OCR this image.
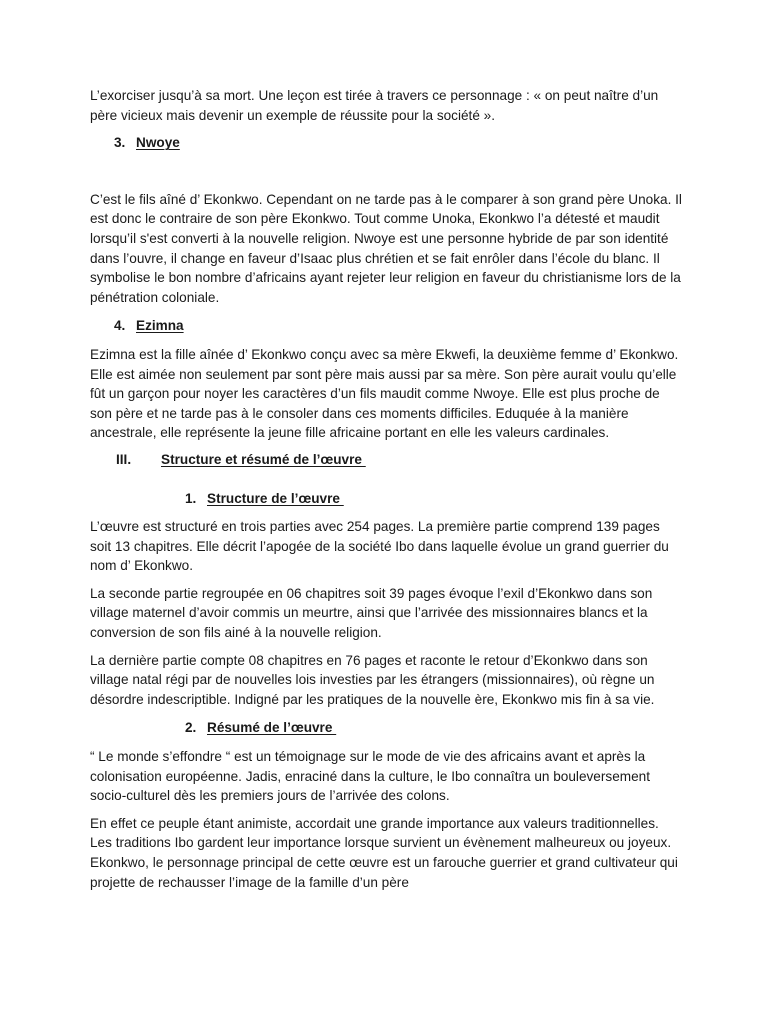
L’exorciser jusqu’à sa mort. Une leçon est tirée à travers ce personnage : « on peut naître d’un père vicieux mais devenir un exemple de réussite pour la société ».

3. Nwoye

C’est le fils aîné d’ Ekonkwo. Cependant on ne tarde pas à le comparer à son grand père Unoka. Il est donc le contraire de son père Ekonkwo. Tout comme Unoka, Ekonkwo l’a détesté et maudit lorsqu’il s'est converti à la nouvelle religion. Nwoye est une personne hybride de par son identité dans l’ouvre, il change en faveur d’Isaac plus chrétien et se fait enrôler dans l’école du blanc. Il symbolise le bon nombre d’africains ayant rejeter leur religion en faveur du christianisme lors de la pénétration coloniale.

4. Ezimna

Ezimna est la fille aînée d’ Ekonkwo conçu avec sa mère Ekwefi, la deuxième femme d’ Ekonkwo. Elle est aimée non seulement par sont père mais aussi par sa mère. Son père aurait voulu qu’elle fût un garçon pour noyer les caractères d’un fils maudit comme Nwoye. Elle est plus proche de son père et ne tarde pas à le consoler dans ces moments difficiles. Eduquée à la manière ancestrale, elle représente la jeune fille africaine portant en elle les valeurs cardinales.

III.	Structure et résumé de l’œuvre
1. Structure de l’œuvre

L’œuvre est structuré en trois parties avec 254 pages. La première partie comprend 139 pages soit 13 chapitres. Elle décrit l’apogée de la société Ibo dans laquelle évolue un grand guerrier du nom d’ Ekonkwo.

La seconde partie regroupée en 06 chapitres soit 39 pages évoque l’exil d’Ekonkwo dans son village maternel d’avoir commis un meurtre, ainsi que l’arrivée des missionnaires blancs et la conversion de son fils ainé à la nouvelle religion.

La dernière partie compte 08 chapitres en 76 pages et raconte le retour d’Ekonkwo dans son village natal régi par de nouvelles lois investies par les étrangers (missionnaires), où règne un désordre indescriptible. Indigné par les pratiques de la nouvelle ère, Ekonkwo mis fin à sa vie.

2. Résumé de l’œuvre

“ Le monde s’effondre “ est un témoignage sur le mode de vie des africains avant et après la colonisation européenne. Jadis, enraciné dans la culture, le Ibo connaîtra un bouleversement socio-culturel dès les premiers jours de l’arrivée des colons.

En effet ce peuple étant animiste, accordait une grande importance aux valeurs traditionnelles. Les traditions Ibo gardent leur importance lorsque survient un évènement malheureux ou joyeux. Ekonkwo, le personnage principal de cette œuvre est un farouche guerrier et grand cultivateur qui projette de rechausser l’image de la famille d’un père
